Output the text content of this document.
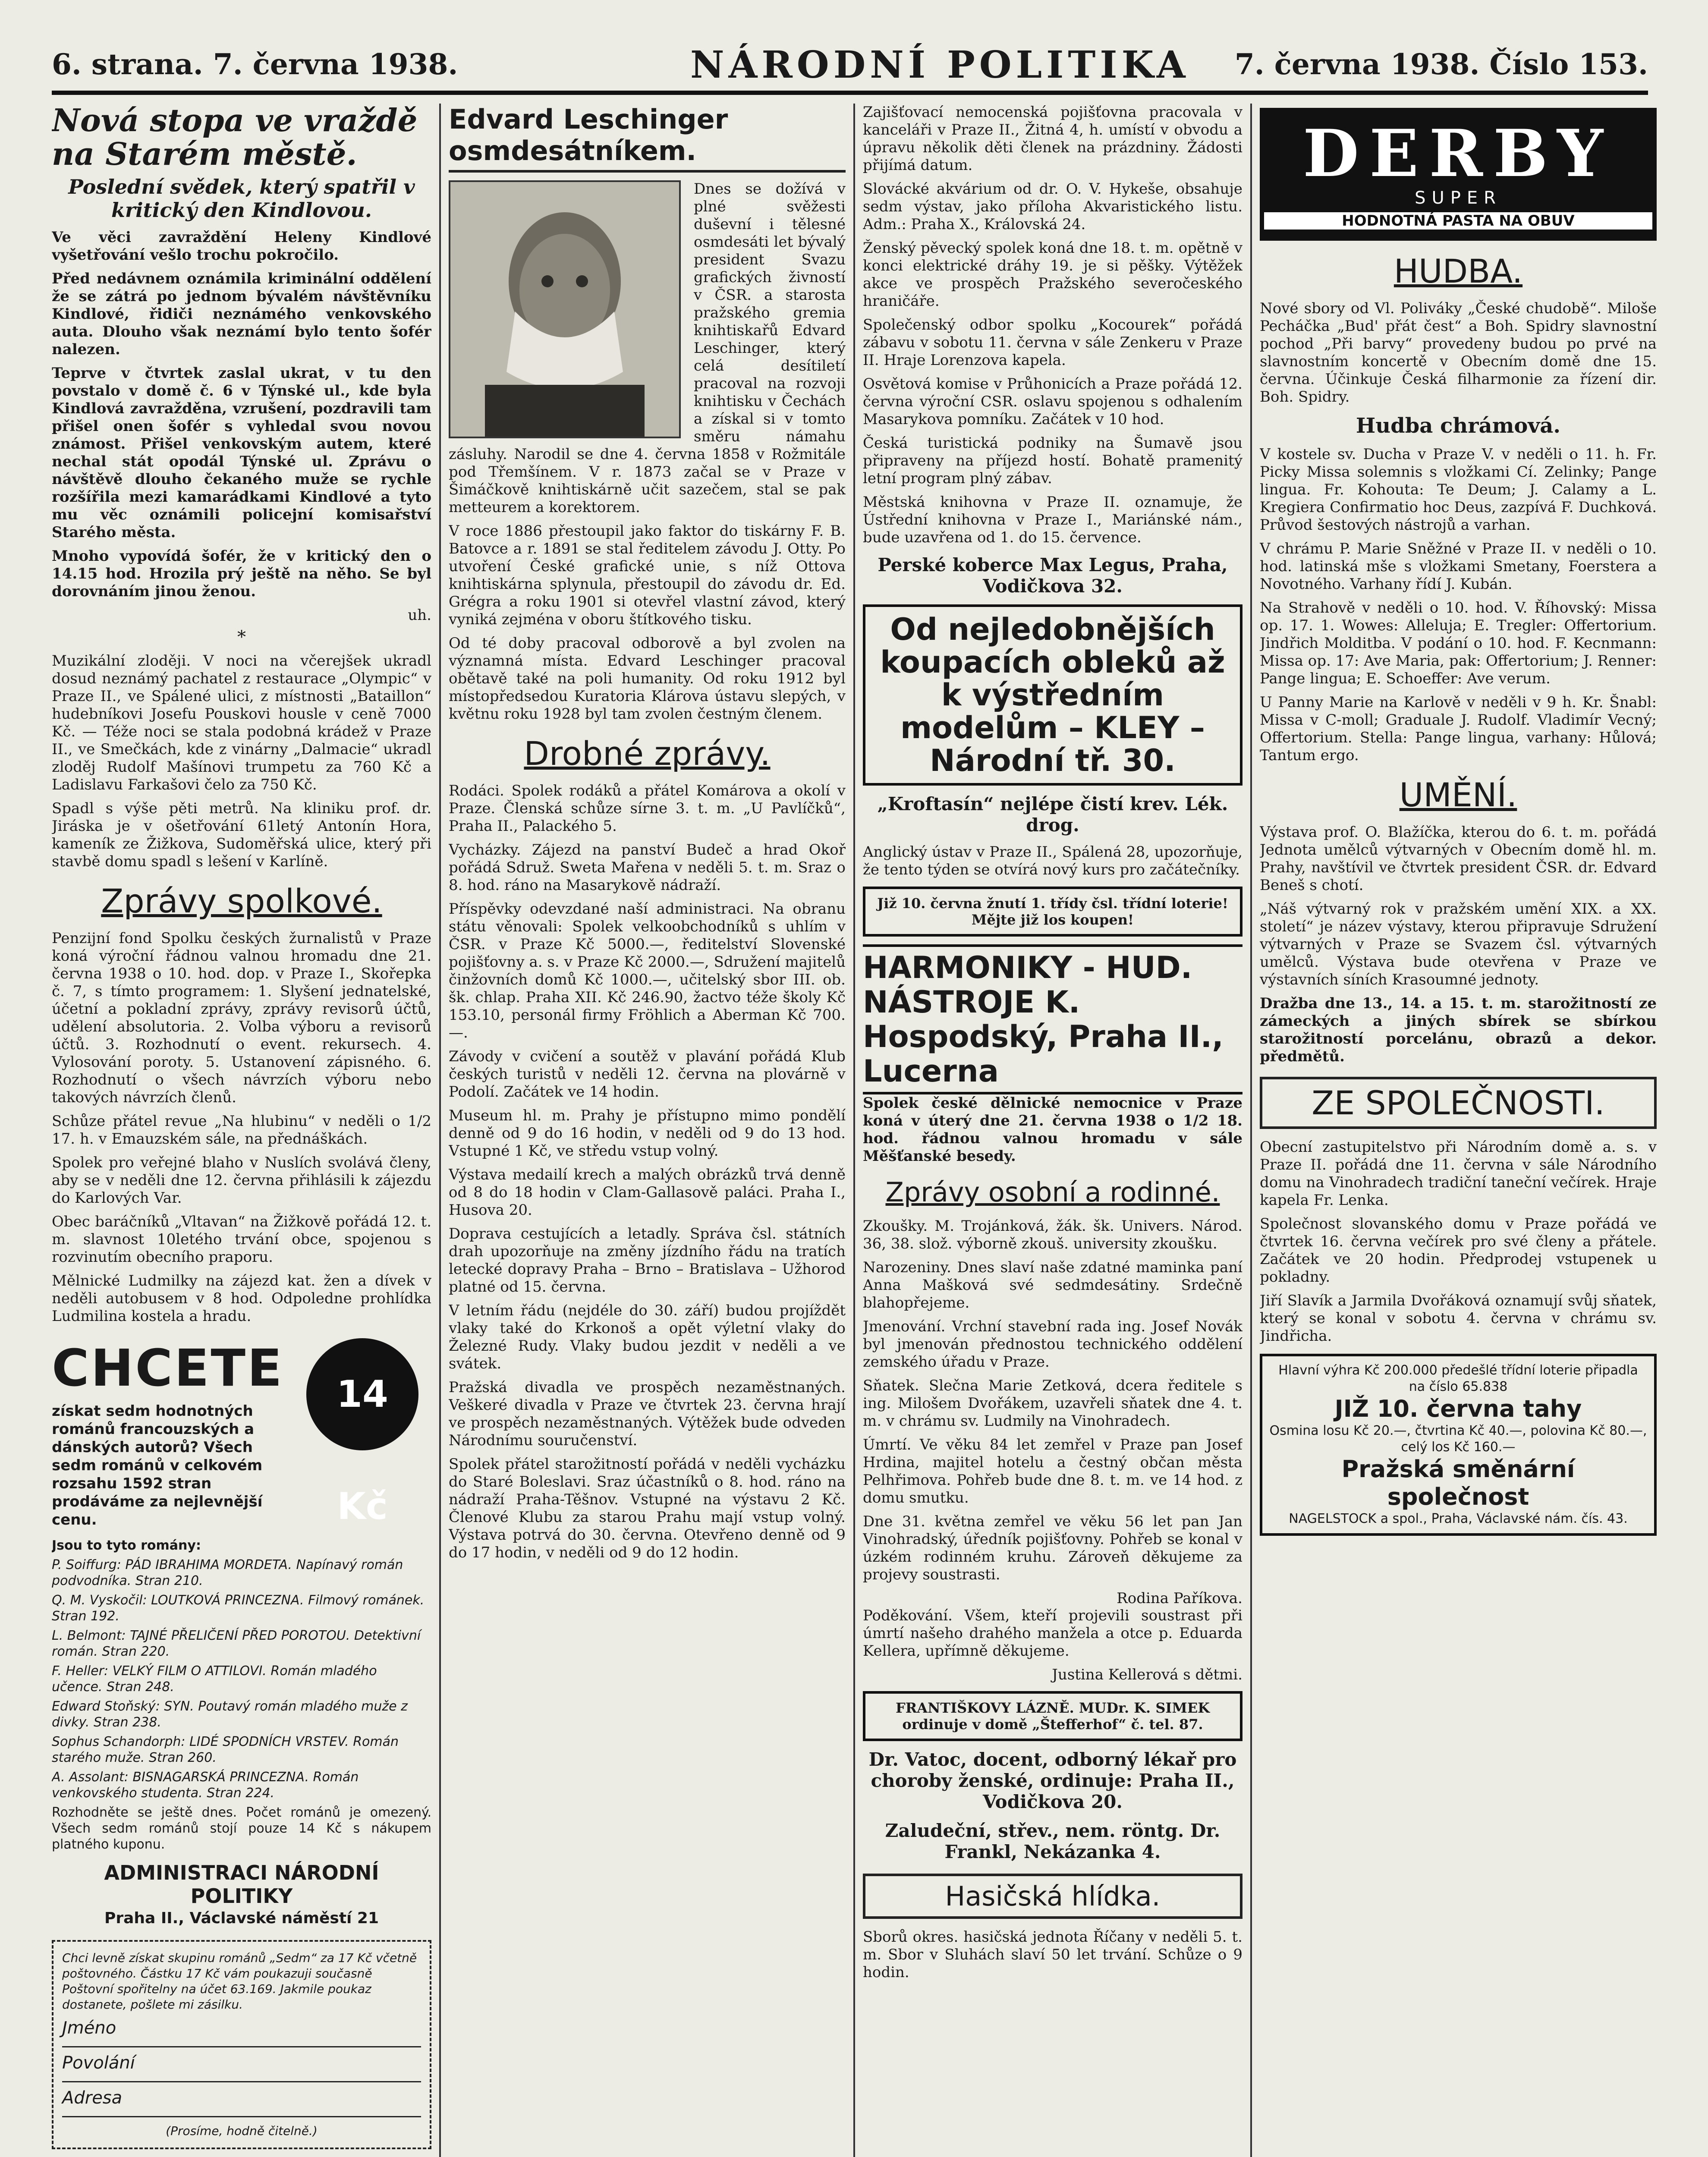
6. strana. 7. června 1938.	NÁRODNÍ POLITIKA 7. června 1938. Číslo 153.
Nová stopa ve vraždě na Starém městě.
Poslední svědek, který spatřil v kritický den Kindlovou.

Ve věci zavraždění Heleny Kindlové vyšetřování vešlo trochu pokročilo.

Před nedávnem oznámila kriminální oddělení že se zátrá po jednom bývalém návštěvníku Kindlové, řidiči neznámého venkovského auta. Dlouho však neznámí bylo tento šofér nalezen.

Teprve v čtvrtek zaslal ukrat, v tu den povstalo v domě č. 6 v Týnské ul., kde byla Kindlová zavražděna, vzrušení, pozdravili tam přišel onen šofér s vyhledal svou novou známost. Přišel venkovským autem, které nechal stát opodál Týnské ul. Zprávu o návštěvě dlouho čekaného muže se rychle rozšířila mezi kamarádkami Kindlové a tyto mu věc oznámili policejní komisařství Starého města.

Mnoho vypovídá šofér, že v kritický den o 14.15 hod. Hrozila prý ještě na něho. Se byl dorovnáním jinou ženou.

uh.
*

Muzikální zloději. V noci na včerejšek ukradl dosud neznámý pachatel z restaurace „Olympic“ v Praze II., ve Spálené ulici, z místnosti „Bataillon“ hudebníkovi Josefu Pouskovi housle v ceně 7000 Kč. — Téže noci se stala podobná krádež v Praze II., ve Smečkách, kde z vinárny „Dalmacie“ ukradl zloděj Rudolf Mašínovi trumpetu za 760 Kč a Ladislavu Farkašovi čelo za 750 Kč.

Spadl s výše pěti metrů. Na kliniku prof. dr. Jiráska je v ošetřování 61letý Antonín Hora, kameník ze Žižkova, Sudoměřská ulice, který při stavbě domu spadl s lešení v Karlíně.

Zprávy spolkové.

Penzijní fond Spolku českých žurnalistů v Praze koná výroční řádnou valnou hromadu dne 21. června 1938 o 10. hod. dop. v Praze I., Skořepka č. 7, s tímto programem: 1. Slyšení jednatelské, účetní a pokladní zprávy, zprávy revisorů účtů, udělení absolutoria. 2. Volba výboru a revisorů účtů. 3. Rozhodnutí o event. rekursech. 4. Vylosování poroty. 5. Ustanovení zápisného. 6. Rozhodnutí o všech návrzích výboru nebo takových návrzích členů.

Schůze přátel revue „Na hlubinu“ v neděli o 1/2 17. h. v Emauzském sále, na přednáškách.

Spolek pro veřejné blaho v Nuslích svolává členy, aby se v neděli dne 12. června přihlásili k zájezdu do Karlových Var.

Obec baráčníků „Vltavan“ na Žižkově pořádá 12. t. m. slavnost 10letého trvání obce, spojenou s rozvinutím obecního praporu.

Mělnické Ludmilky na zájezd kat. žen a dívek v neděli autobusem v 8 hod. Odpoledne prohlídka Ludmilina kostela a hradu.

CHCETE	14 Kč
získat sedm hodnotných románů francouzských a dánských autorů? Všech sedm románů v celkovém rozsahu 1592 stran prodáváme za nejlevnější cenu.

Jsou to tyto romány:

P. Soiffurg: PÁD IBRAHIMA MORDETA. Napínavý román podvodníka. Stran 210.

Q. M. Vyskočil: LOUTKOVÁ PRINCEZNA. Filmový románek. Stran 192.

L. Belmont: TAJNÉ PŘELIČENÍ PŘED POROTOU. Detektivní román. Stran 220.

F. Heller: VELKÝ FILM O ATTILOVI. Román mladého učence. Stran 248.

Edward Stoňský: SYN. Poutavý román mladého muže z divky. Stran 238.

Sophus Schandorph: LIDÉ SPODNÍCH VRSTEV. Román starého muže. Stran 260.

A. Assolant: BISNAGARSKÁ PRINCEZNA. Román venkovského studenta. Stran 224.

Rozhodněte se ještě dnes. Počet románů je omezený. Všech sedm románů stojí pouze 14 Kč s nákupem platného kuponu.

ADMINISTRACI NÁRODNÍ POLITIKY
Praha II., Václavské náměstí 21
Chci levně získat skupinu románů „Sedm“ za 17 Kč včetně poštovného. Částku 17 Kč vám poukazuji současně Poštovní spořitelny na účet 63.169. Jakmile poukaz dostanete, pošlete mi zásilku.
Jméno
Povolání
Adresa
(Prosíme, hodně čitelně.)
Edvard Leschinger osmdesátníkem.

Dnes se dožívá v plné svěžesti duševní i tělesné osmdesáti let bývalý president Svazu grafických živností v ČSR. a starosta pražského gremia knihtiskařů Edvard Leschinger, který celá desítiletí pracoval na rozvoji knihtisku v Čechách a získal si v tomto směru námahu zásluhy. Narodil se dne 4. června 1858 v Rožmitále pod Třemšínem. V r. 1873 začal se v Praze v Šimáčkově knihtiskárně učit sazečem, stal se pak metteurem a korektorem.

V roce 1886 přestoupil jako faktor do tiskárny F. B. Batovce a r. 1891 se stal ředitelem závodu J. Otty. Po utvoření České grafické unie, s níž Ottova knihtiskárna splynula, přestoupil do závodu dr. Ed. Grégra a roku 1901 si otevřel vlastní závod, který vyniká zejména v oboru štítkového tisku.

Od té doby pracoval odborově a byl zvolen na významná místa. Edvard Leschinger pracoval obětavě také na poli humanity. Od roku 1912 byl místopředsedou Kuratoria Klárova ústavu slepých, v květnu roku 1928 byl tam zvolen čestným členem.

Drobné zprávy.

Rodáci. Spolek rodáků a přátel Komárova a okolí v Praze. Členská schůze sírne 3. t. m. „U Pavlíčků“, Praha II., Palackého 5.

Vycházky. Zájezd na panství Budeč a hrad Okoř pořádá Sdruž. Sweta Mařena v neděli 5. t. m. Sraz o 8. hod. ráno na Masarykově nádraží.

Příspěvky odevzdané naší administraci. Na obranu státu věnovali: Spolek velkoobchodníků s uhlím v ČSR. v Praze Kč 5000.—, ředitelství Slovenské pojišťovny a. s. v Praze Kč 2000.—, Sdružení majitelů činžovních domů Kč 1000.—, učitelský sbor III. ob. šk. chlap. Praha XII. Kč 246.90, žactvo téže školy Kč 153.10, personál firmy Fröhlich a Aberman Kč 700.—.

Závody v cvičení a soutěž v plavání pořádá Klub českých turistů v neděli 12. června na plovárně v Podolí. Začátek ve 14 hodin.

Museum hl. m. Prahy je přístupno mimo pondělí denně od 9 do 16 hodin, v neděli od 9 do 13 hod. Vstupné 1 Kč, ve středu vstup volný.

Výstava medailí krech a malých obrázků trvá denně od 8 do 18 hodin v Clam-Gallasově paláci. Praha I., Husova 20.

Doprava cestujících a letadly. Správa čsl. státních drah upozorňuje na změny jízdního řádu na tratích letecké dopravy Praha – Brno – Bratislava – Užhorod platné od 15. června.

V letním řádu (nejdéle do 30. září) budou projíždět vlaky také do Krkonoš a opět výletní vlaky do Železné Rudy. Vlaky budou jezdit v neděli a ve svátek.

Pražská divadla ve prospěch nezaměstnaných. Veškeré divadla v Praze ve čtvrtek 23. června hrají ve prospěch nezaměstnaných. Výtěžek bude odveden Národnímu souručenství.

Spolek přátel starožitností pořádá v neděli vycházku do Staré Boleslavi. Sraz účastníků o 8. hod. ráno na nádraží Praha-Těšnov. Vstupné na výstavu 2 Kč. Členové Klubu za starou Prahu mají vstup volný. Výstava potrvá do 30. června. Otevřeno denně od 9 do 17 hodin, v neděli od 9 do 12 hodin.

Zajišťovací nemocenská pojišťovna pracovala v kanceláři v Praze II., Žitná 4, h. umístí v obvodu a úpravu několik děti členek na prázdniny. Žádosti přijímá datum.

Slovácké akvárium od dr. O. V. Hykeše, obsahuje sedm výstav, jako příloha Akvaristického listu. Adm.: Praha X., Královská 24.

Ženský pěvecký spolek koná dne 18. t. m. opětně v konci elektrické dráhy 19. je si pěšky. Výtěžek akce ve prospěch Pražského severočeského hraničáře.

Společenský odbor spolku „Kocourek“ pořádá zábavu v sobotu 11. června v sále Zenkeru v Praze II. Hraje Lorenzova kapela.

Osvětová komise v Průhonicích a Praze pořádá 12. června výroční CSR. oslavu spojenou s odhalením Masarykova pomníku. Začátek v 10 hod.

Česká turistická podniky na Šumavě jsou připraveny na příjezd hostí. Bohatě pramenitý letní program plný zábav.

Městská knihovna v Praze II. oznamuje, že Ústřední knihovna v Praze I., Mariánské nám., bude uzavřena od 1. do 15. července.

Perské koberce Max Legus, Praha, Vodičkova 32.
Od nejledobnějších koupacích obleků až k výstředním modelům – KLEY – Národní tř. 30.
„Kroftasín“ nejlépe čistí krev. Lék. drog.

Anglický ústav v Praze II., Spálená 28, upozorňuje, že tento týden se otvírá nový kurs pro začátečníky.

Již 10. června žnutí 1. třídy čsl. třídní loterie! Mějte již los koupen!
HARMONIKY - HUD. NÁSTROJE K. Hospodský, Praha II., Lucerna

Spolek české dělnické nemocnice v Praze koná v úterý dne 21. června 1938 o 1/2 18. hod. řádnou valnou hromadu v sále Měšťanské besedy.

Zprávy osobní a rodinné.

Zkoušky. M. Trojánková, žák. šk. Univers. Národ. 36, 38. slož. výborně zkouš. university zkoušku.

Narozeniny. Dnes slaví naše zdatné maminka paní Anna Mašková své sedmdesátiny. Srdečně blahopřejeme.

Jmenování. Vrchní stavební rada ing. Josef Novák byl jmenován přednostou technického oddělení zemského úřadu v Praze.

Sňatek. Slečna Marie Zetková, dcera ředitele s ing. Milošem Dvořákem, uzavřeli sňatek dne 4. t. m. v chrámu sv. Ludmily na Vinohradech.

Úmrtí. Ve věku 84 let zemřel v Praze pan Josef Hrdina, majitel hotelu a čestný občan města Pelhřimova. Pohřeb bude dne 8. t. m. ve 14 hod. z domu smutku.

Dne 31. května zemřel ve věku 56 let pan Jan Vinohradský, úředník pojišťovny. Pohřeb se konal v úzkém rodinném kruhu. Zároveň děkujeme za projevy soustrasti.

Rodina Paříkova.

Poděkování. Všem, kteří projevili soustrast při úmrtí našeho drahého manžela a otce p. Eduarda Kellera, upřímně děkujeme.

Justina Kellerová s dětmi.
FRANTIŠKOVY LÁZNĚ. MUDr. K. SIMEK ordinuje v domě „Štefferhof“ č. tel. 87.
Dr. Vatoc, docent, odborný lékař pro choroby ženské, ordinuje: Praha II., Vodičkova 20.
Zaludeční, střev., nem. röntg. Dr. Frankl, Nekázanka 4.
Hasičská hlídka.

Sborů okres. hasičská jednota Říčany v neděli 5. t. m. Sbor v Sluhách slaví 50 let trvání. Schůze o 9 hodin.

DERBY
SUPER
HODNOTNÁ PASTA NA OBUV
HUDBA.

Nové sbory od Vl. Poliváky „České chudobě“. Miloše Pecháčka „Bud' přát čest“ a Boh. Spidry slavnostní pochod „Při barvy“ provedeny budou po prvé na slavnostním koncertě v Obecním domě dne 15. června. Účinkuje Česká filharmonie za řízení dir. Boh. Spidry.

Hudba chrámová.

V kostele sv. Ducha v Praze V. v neděli o 11. h. Fr. Picky Missa solemnis s vložkami Cí. Zelinky; Pange lingua. Fr. Kohouta: Te Deum; J. Calamy a L. Kregiera Confirmatio hoc Deus, zazpívá F. Duchková. Průvod šestových nástrojů a varhan.

V chrámu P. Marie Sněžné v Praze II. v neděli o 10. hod. latinská mše s vložkami Smetany, Foerstera a Novotného. Varhany řídí J. Kubán.

Na Strahově v neděli o 10. hod. V. Říhovský: Missa op. 17. 1. Wowes: Alleluja; E. Tregler: Offertorium. Jindřich Molditba. V podání o 10. hod. F. Kecnmann: Missa op. 17: Ave Maria, pak: Offertorium; J. Renner: Pange lingua; E. Schoeffer: Ave verum.

U Panny Marie na Karlově v neděli v 9 h. Kr. Šnabl: Missa v C-moll; Graduale J. Rudolf. Vladimír Vecný; Offertorium. Stella: Pange lingua, varhany: Hůlová; Tantum ergo.

UMĚNÍ.

Výstava prof. O. Blažíčka, kterou do 6. t. m. pořádá Jednota umělců výtvarných v Obecním domě hl. m. Prahy, navštívil ve čtvrtek president ČSR. dr. Edvard Beneš s chotí.

„Náš výtvarný rok v pražském umění XIX. a XX. století“ je název výstavy, kterou připravuje Sdružení výtvarných v Praze se Svazem čsl. výtvarných umělců. Výstava bude otevřena v Praze ve výstavních síních Krasoumné jednoty.

Dražba dne 13., 14. a 15. t. m. starožitností ze zámeckých a jiných sbírek se sbírkou starožitností porcelánu, obrazů a dekor. předmětů.

ZE SPOLEČNOSTI.

Obecní zastupitelstvo při Národním domě a. s. v Praze II. pořádá dne 11. června v sále Národního domu na Vinohradech tradiční taneční večírek. Hraje kapela Fr. Lenka.

Společnost slovanského domu v Praze pořádá ve čtvrtek 16. června večírek pro své členy a přátele. Začátek ve 20 hodin. Předprodej vstupenek u pokladny.

Jiří Slavík a Jarmila Dvořáková oznamují svůj sňatek, který se konal v sobotu 4. června v chrámu sv. Jindřicha.

Hlavní výhra Kč 200.000 předešlé třídní loterie připadla na číslo 65.838
JIŽ 10. června tahy
Osmina losu Kč 20.—, čtvrtina Kč 40.—, polovina Kč 80.—, celý los Kč 160.—
Pražská směnární společnost
NAGELSTOCK a spol., Praha, Václavské nám. čís. 43.
